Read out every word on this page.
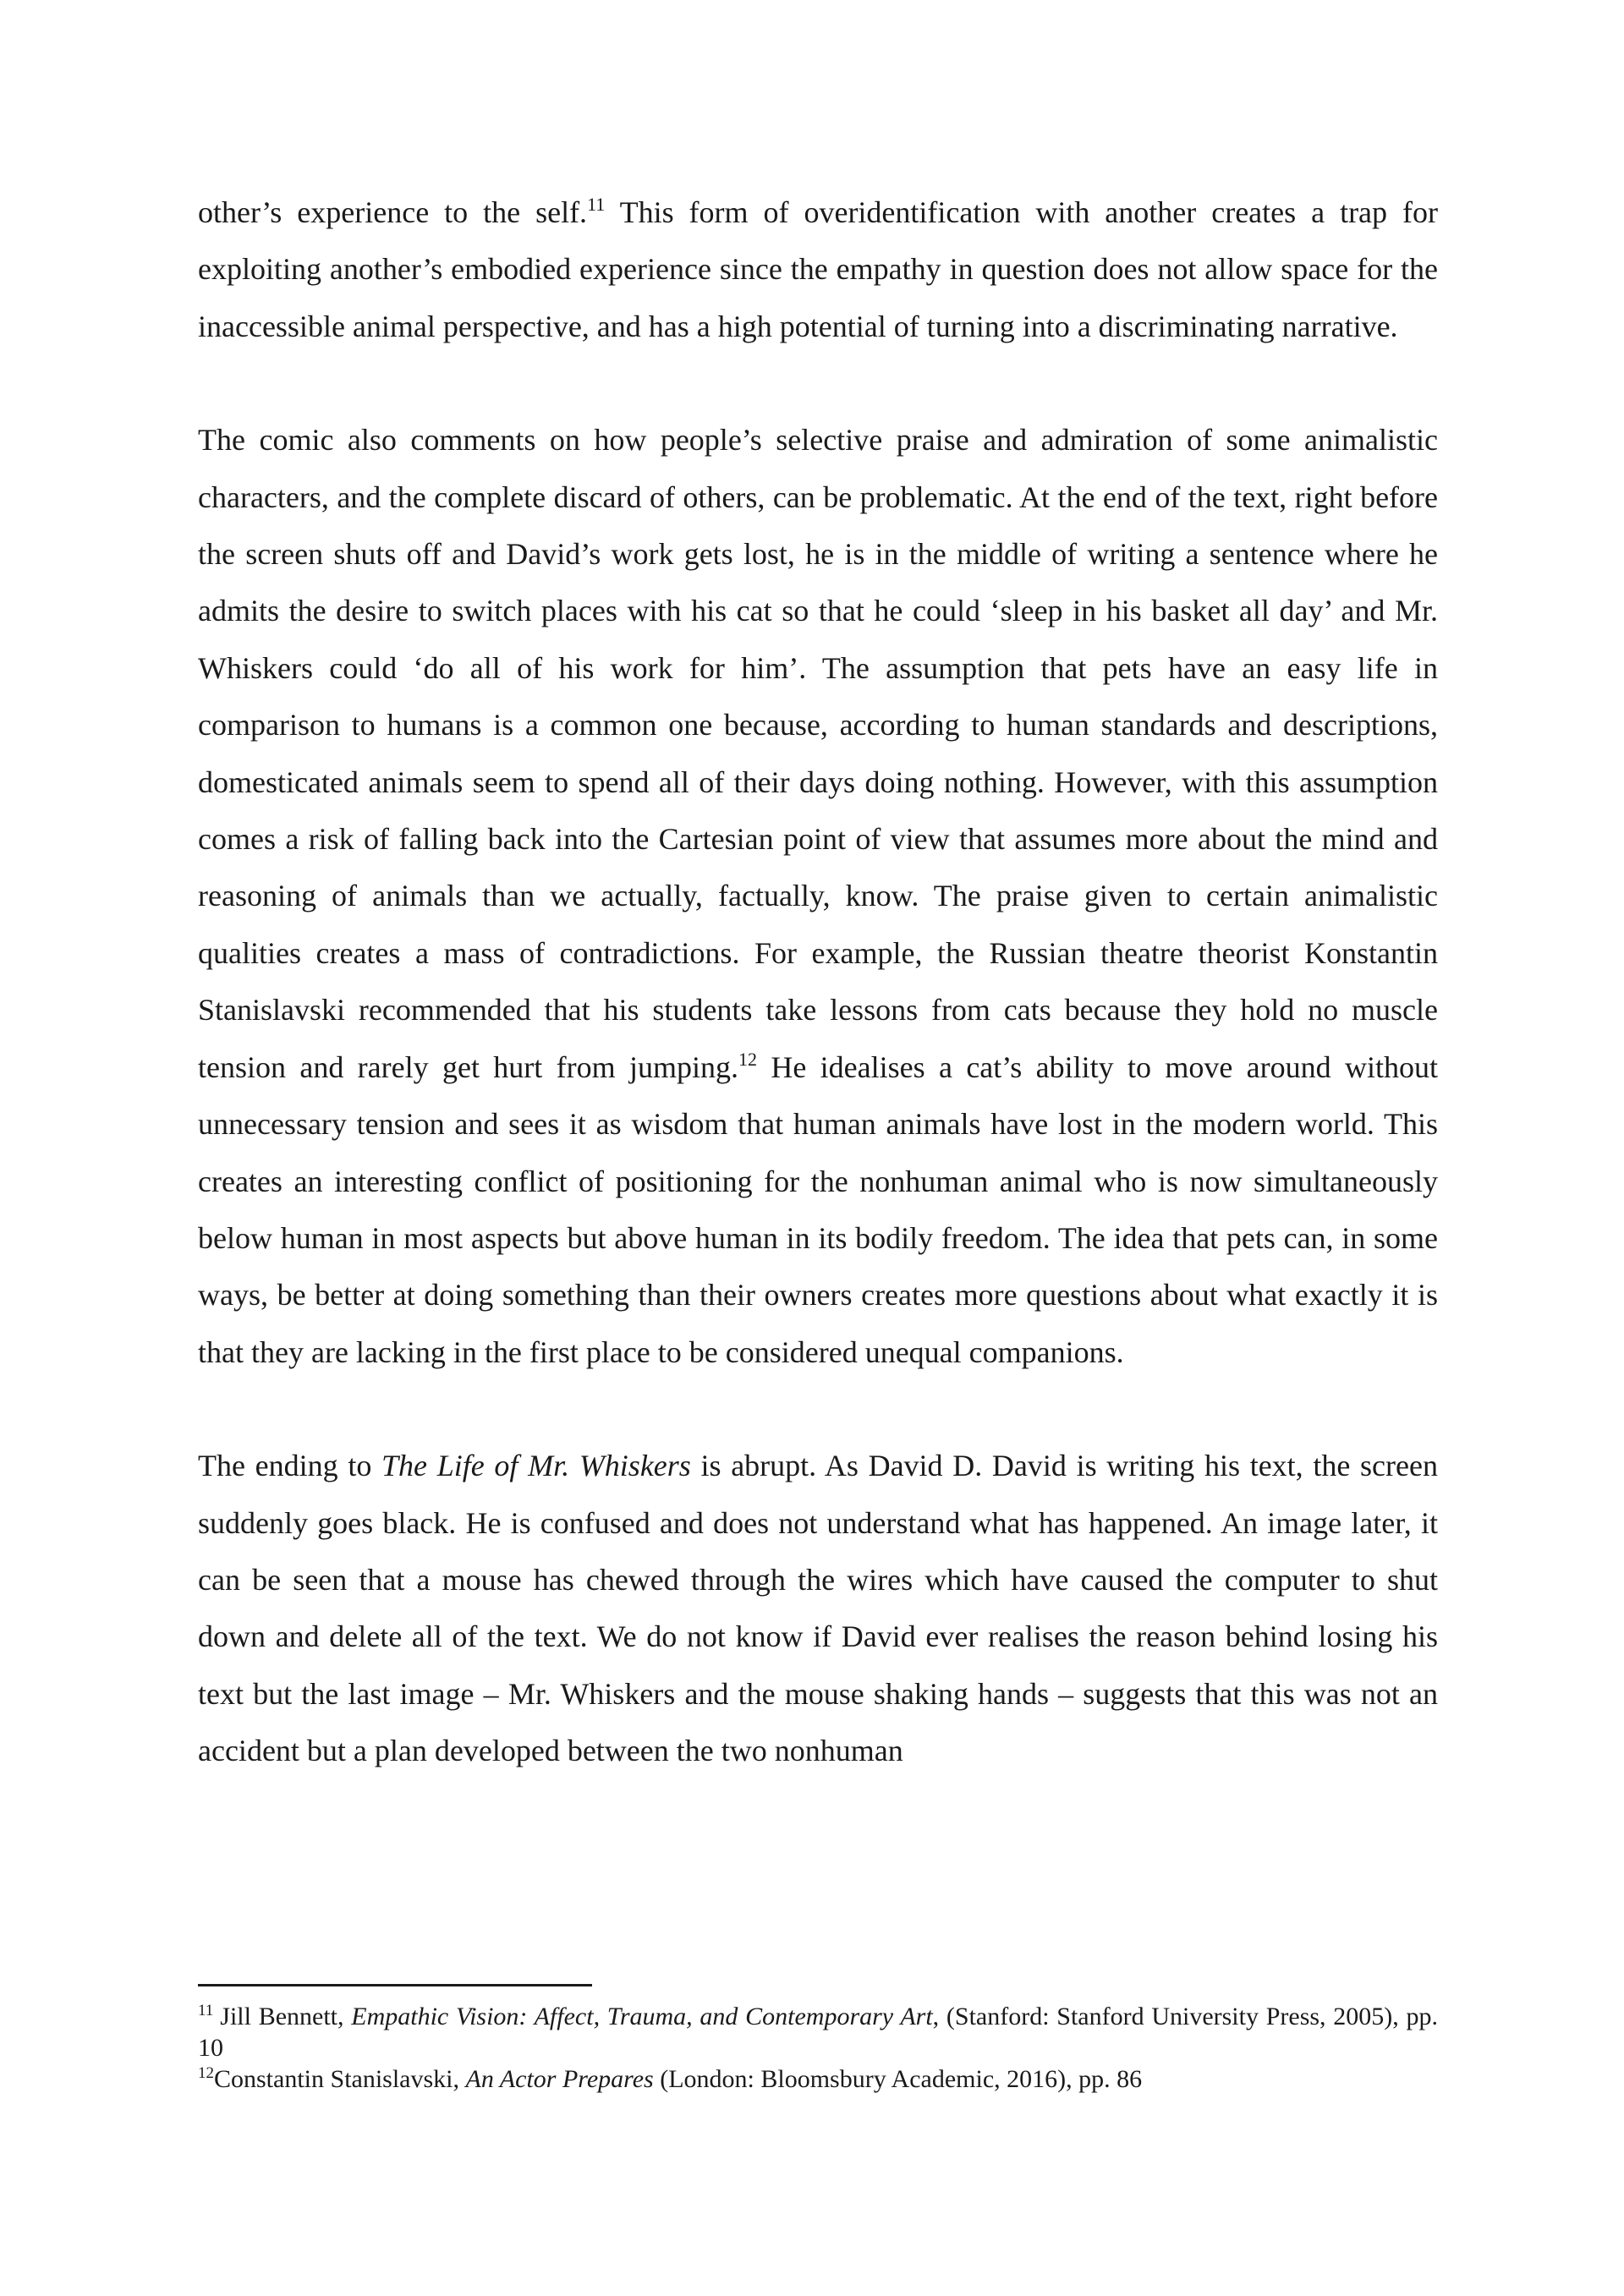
other’s experience to the self.$^{11}$ This form of overidentification with another creates a trap for exploiting another’s embodied experience since the empathy in question does not allow space for the inaccessible animal perspective, and has a high potential of turning into a discriminating narrative.

The comic also comments on how people’s selective praise and admiration of some animalistic characters, and the complete discard of others, can be problematic. At the end of the text, right before the screen shuts off and David’s work gets lost, he is in the middle of writing a sentence where he admits the desire to switch places with his cat so that he could ‘sleep in his basket all day’ and Mr. Whiskers could ‘do all of his work for him’. The assumption that pets have an easy life in comparison to humans is a common one because, according to human standards and descriptions, domesticated animals seem to spend all of their days doing nothing. However, with this assumption comes a risk of falling back into the Cartesian point of view that assumes more about the mind and reasoning of animals than we actually, factually, know. The praise given to certain animalistic qualities creates a mass of contradictions. For example, the Russian theatre theorist Konstantin Stanislavski recommended that his students take lessons from cats because they hold no muscle tension and rarely get hurt from jumping.$^{12}$ He idealises a cat’s ability to move around without unnecessary tension and sees it as wisdom that human animals have lost in the modern world. This creates an interesting conflict of positioning for the nonhuman animal who is now simultaneously below human in most aspects but above human in its bodily freedom. The idea that pets can, in some ways, be better at doing something than their owners creates more questions about what exactly it is that they are lacking in the first place to be considered unequal companions.

The ending to The Life of Mr. Whiskers is abrupt. As David D. David is writing his text, the screen suddenly goes black. He is confused and does not understand what has happened. An image later, it can be seen that a mouse has chewed through the wires which have caused the computer to shut down and delete all of the text. We do not know if David ever realises the reason behind losing his text but the last image – Mr. Whiskers and the mouse shaking hands – suggests that this was not an accident but a plan developed between the two nonhuman

$^{11}$ Jill Bennett, Empathic Vision: Affect, Trauma, and Contemporary Art, (Stanford: Stanford University Press, 2005), pp. 10

$^{12}$Constantin Stanislavski, An Actor Prepares (London: Bloomsbury Academic, 2016), pp. 86
